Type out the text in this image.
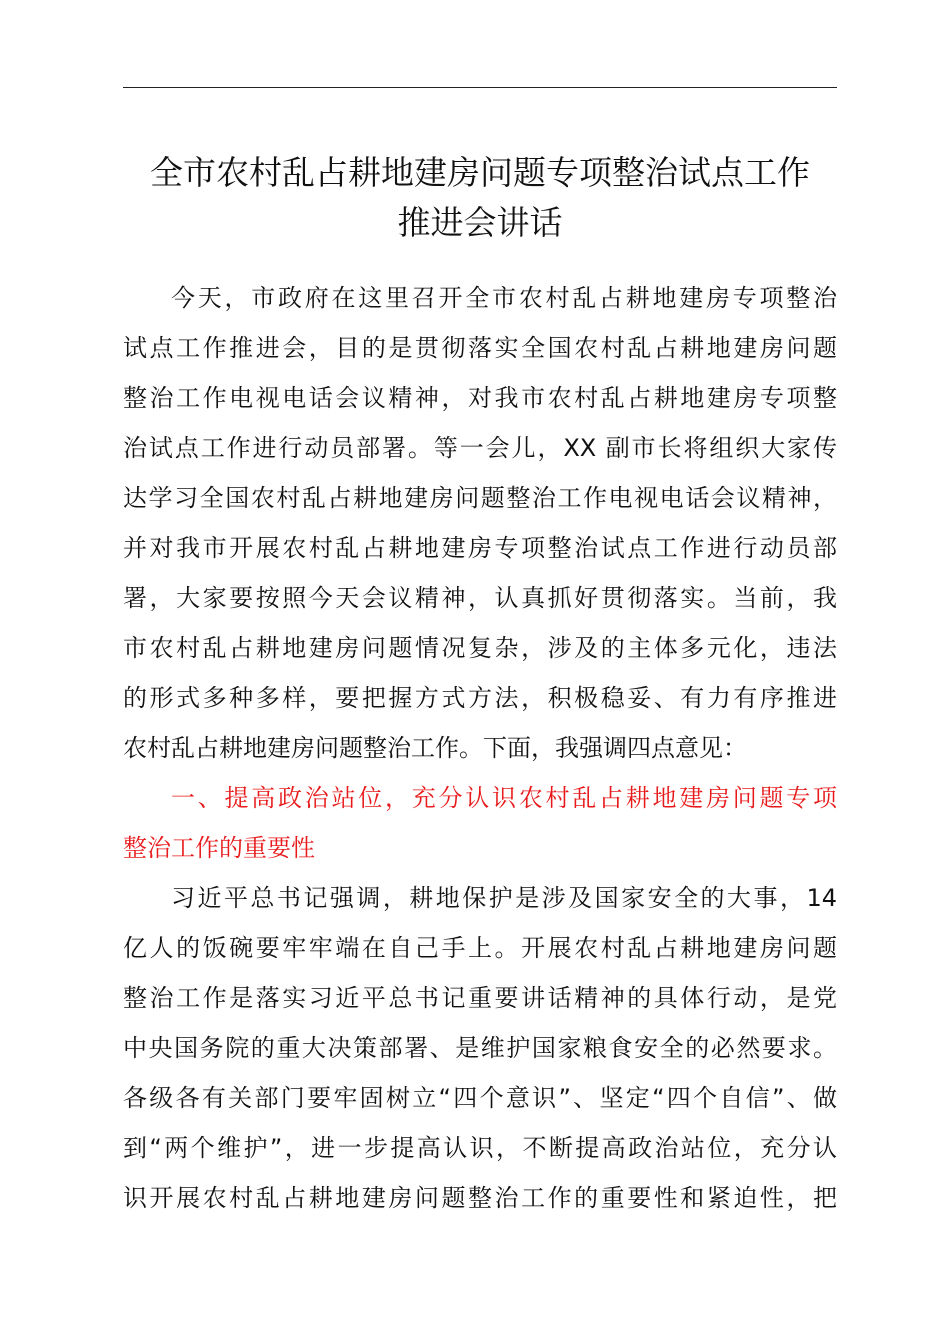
全市农村乱占耕地建房问题专项整治试点工作
推进会讲话
今天，市政府在这里召开全市农村乱占耕地建房专项整治
试点工作推进会，目的是贯彻落实全国农村乱占耕地建房问题
整治工作电视电话会议精神，对我市农村乱占耕地建房专项整
治试点工作进行动员部署。等一会儿，XX 副市长将组织大家传
达学习全国农村乱占耕地建房问题整治工作电视电话会议精神，
并对我市开展农村乱占耕地建房专项整治试点工作进行动员部
署，大家要按照今天会议精神，认真抓好贯彻落实。当前，我
市农村乱占耕地建房问题情况复杂，涉及的主体多元化，违法
的形式多种多样，要把握方式方法，积极稳妥、有力有序推进
农村乱占耕地建房问题整治工作。下面，我强调四点意见：
一、提高政治站位，充分认识农村乱占耕地建房问题专项
整治工作的重要性
习近平总书记强调，耕地保护是涉及国家安全的大事，14
亿人的饭碗要牢牢端在自己手上。开展农村乱占耕地建房问题
整治工作是落实习近平总书记重要讲话精神的具体行动，是党
中央国务院的重大决策部署、是维护国家粮食安全的必然要求。
各级各有关部门要牢固树立“四个意识”、坚定“四个自信”、做
到“两个维护”，进一步提高认识，不断提高政治站位，充分认
识开展农村乱占耕地建房问题整治工作的重要性和紧迫性，把
